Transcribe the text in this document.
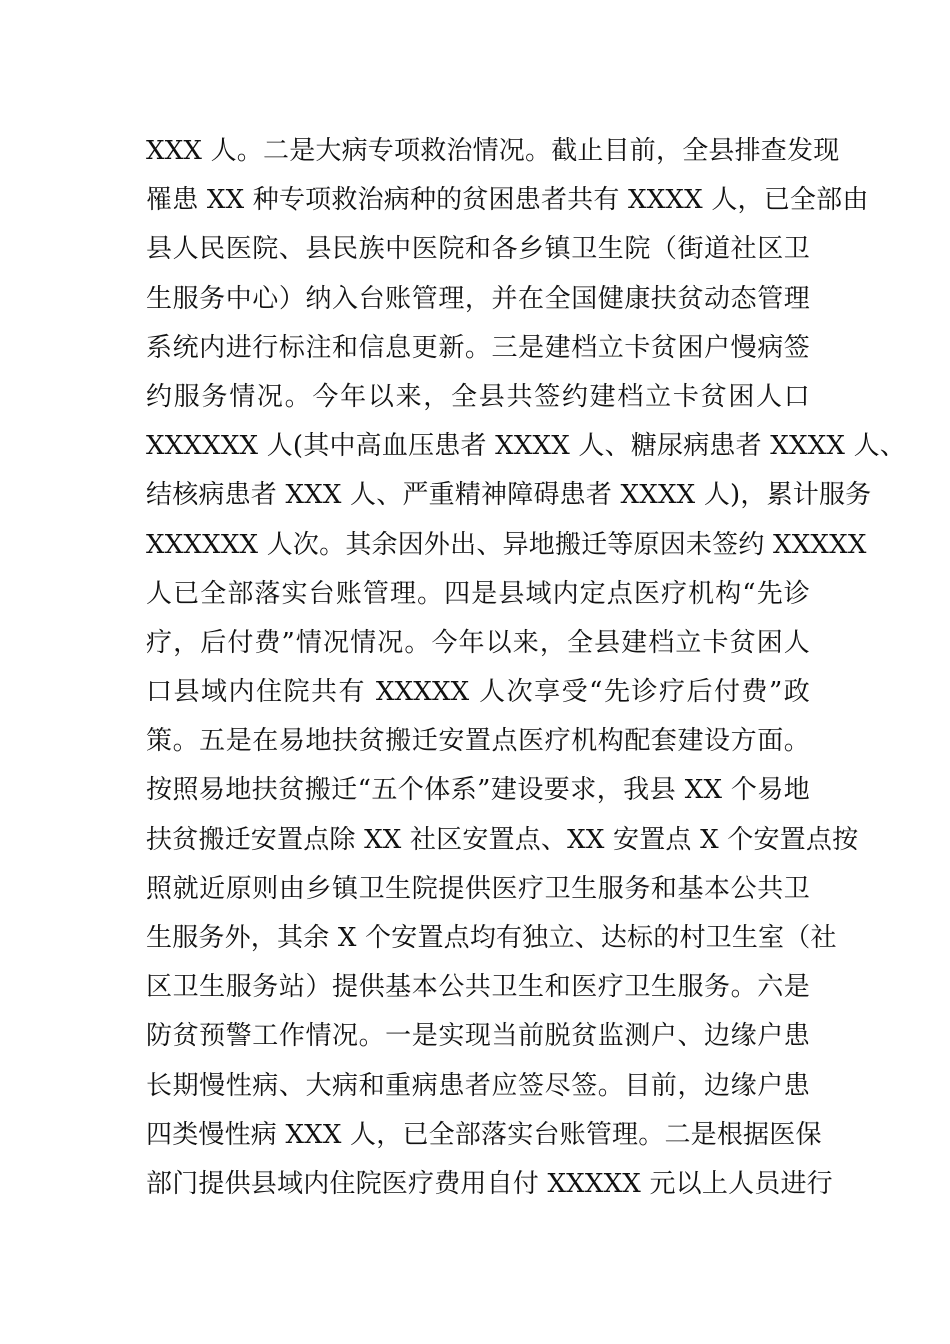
XXX 人。二是大病专项救治情况。截止目前，全县排查发现
罹患 XX 种专项救治病种的贫困患者共有 XXXX 人，已全部由
县人民医院、县民族中医院和各乡镇卫生院（街道社区卫
生服务中心）纳入台账管理，并在全国健康扶贫动态管理
系统内进行标注和信息更新。三是建档立卡贫困户慢病签
约服务情况。今年以来，全县共签约建档立卡贫困人口
XXXXXX 人(其中高血压患者 XXXX 人、糖尿病患者 XXXX 人、
结核病患者 XXX 人、严重精神障碍患者 XXXX 人)，累计服务
XXXXXX 人次。其余因外出、异地搬迁等原因未签约 XXXXX
人已全部落实台账管理。四是县域内定点医疗机构“先诊
疗，后付费”情况情况。今年以来，全县建档立卡贫困人
口县域内住院共有 XXXXX 人次享受“先诊疗后付费”政
策。五是在易地扶贫搬迁安置点医疗机构配套建设方面。
按照易地扶贫搬迁“五个体系”建设要求，我县 XX 个易地
扶贫搬迁安置点除 XX 社区安置点、XX 安置点 X 个安置点按
照就近原则由乡镇卫生院提供医疗卫生服务和基本公共卫
生服务外，其余 X 个安置点均有独立、达标的村卫生室（社
区卫生服务站）提供基本公共卫生和医疗卫生服务。六是
防贫预警工作情况。一是实现当前脱贫监测户、边缘户患
长期慢性病、大病和重病患者应签尽签。目前，边缘户患
四类慢性病 XXX 人，已全部落实台账管理。二是根据医保
部门提供县域内住院医疗费用自付 XXXXX 元以上人员进行
